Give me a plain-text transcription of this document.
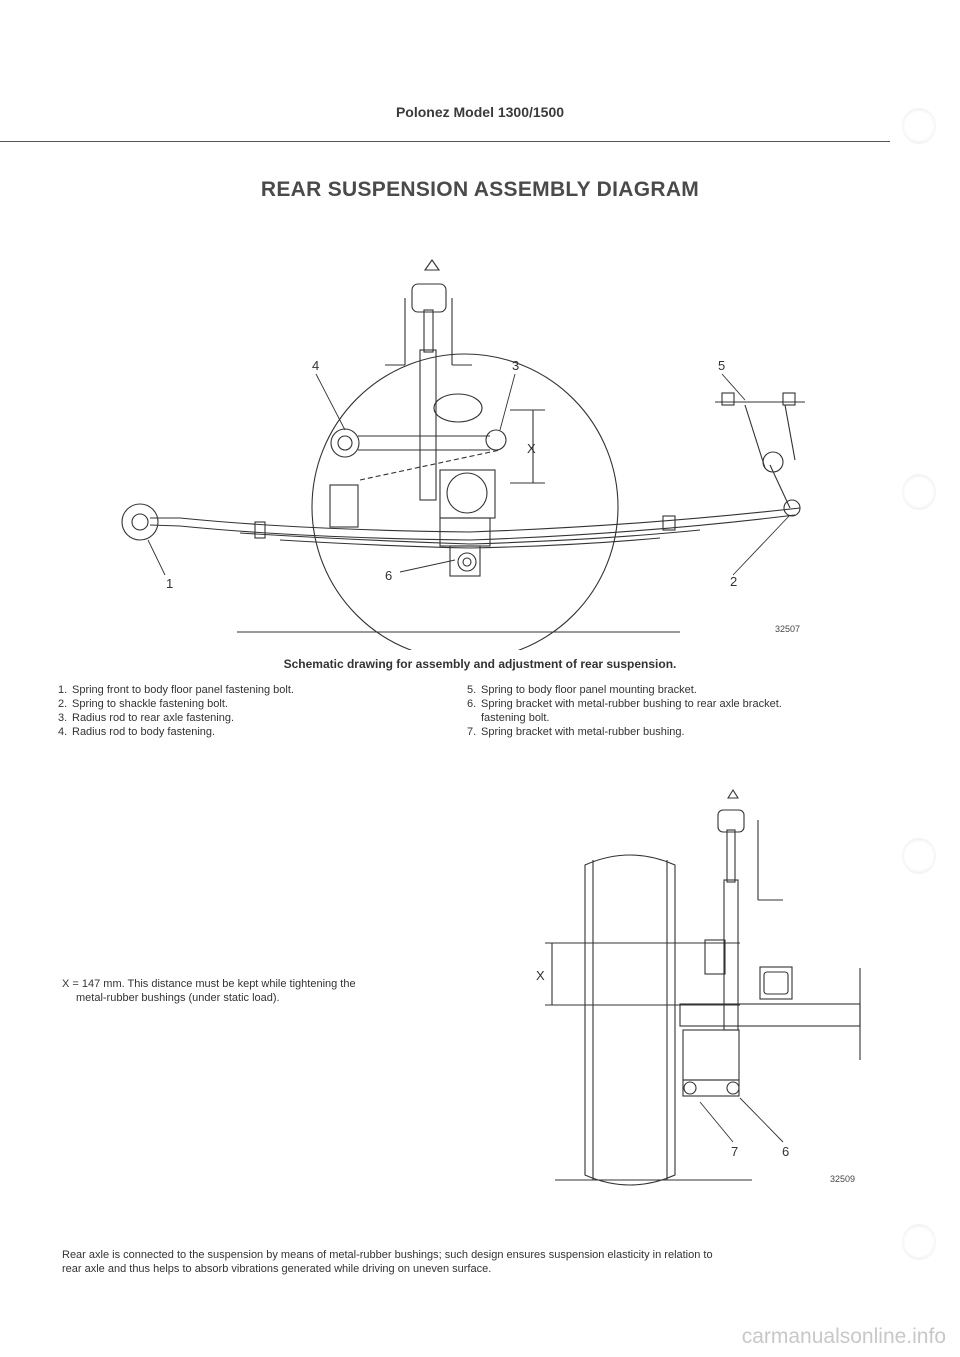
Polonez Model 1300/1500
REAR SUSPENSION ASSEMBLY DIAGRAM
4	3	5
X
1
6	2
32507
Schematic drawing for assembly and adjustment of rear suspension.
1. Spring front to body floor panel fastening bolt.
2. Spring to shackle fastening bolt.
3. Radius rod to rear axle fastening.
4. Radius rod to body fastening.
5. Spring to body floor panel mounting bracket.
6. Spring bracket with metal-rubber bushing to rear axle bracket.
fastening bolt.
7. Spring bracket with metal-rubber bushing.
X = 147 mm. This distance must be kept while tightening the
metal-rubber bushings (under static load).
X
7	6
32509
Rear axle is connected to the suspension by means of metal-rubber bushings; such design ensures suspension elasticity in relation to
rear axle and thus helps to absorb vibrations generated while driving on uneven surface.
carmanualsonline.info
